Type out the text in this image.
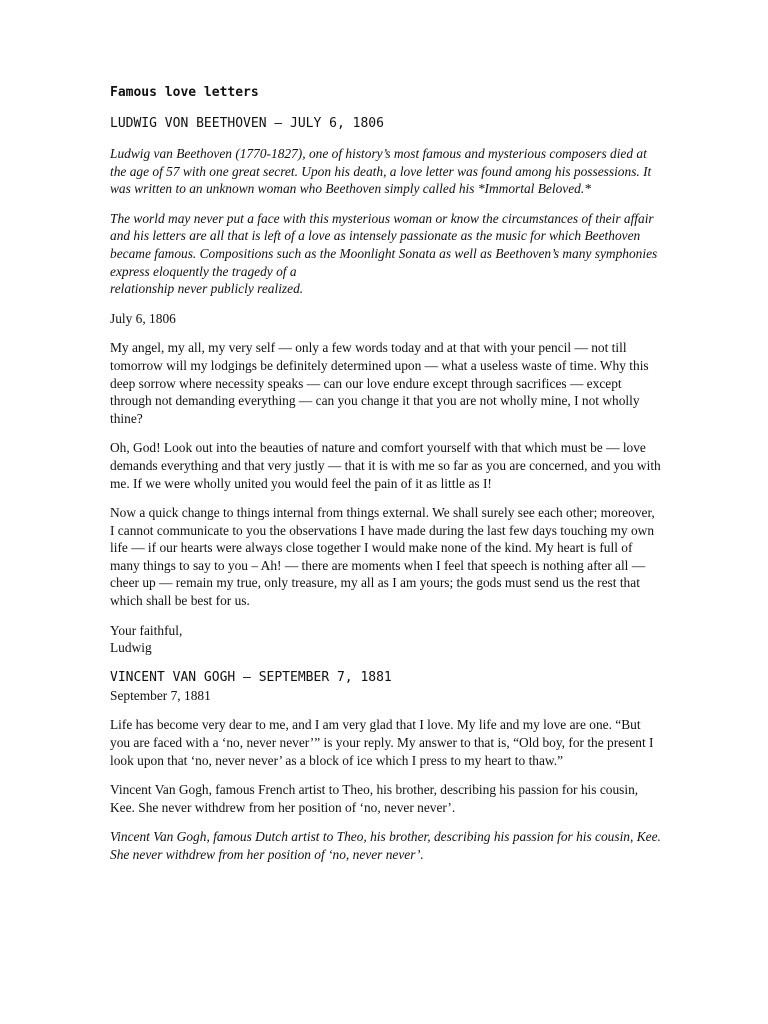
Famous love letters
LUDWIG VON BEETHOVEN – JULY 6, 1806

Ludwig van Beethoven (1770-1827), one of history’s most famous and mysterious composers died at the age of 57 with one great secret. Upon his death, a love letter was found among his possessions. It was written to an unknown woman who Beethoven simply called his *Immortal Beloved.*

The world may never put a face with this mysterious woman or know the circumstances of their affair and his letters are all that is left of a love as intensely passionate as the music for which Beethoven became famous. Compositions such as the Moonlight Sonata as well as Beethoven’s many symphonies express eloquently the tragedy of a
relationship never publicly realized.

July 6, 1806

My angel, my all, my very self — only a few words today and at that with your pencil — not till tomorrow will my lodgings be definitely determined upon — what a useless waste of time. Why this deep sorrow where necessity speaks — can our love endure except through sacrifices — except through not demanding everything — can you change it that you are not wholly mine, I not wholly thine?

Oh, God! Look out into the beauties of nature and comfort yourself with that which must be — love demands everything and that very justly — that it is with me so far as you are concerned, and you with
me. If we were wholly united you would feel the pain of it as little as I!

Now a quick change to things internal from things external. We shall surely see each other; moreover, I cannot communicate to you the observations I have made during the last few days touching my own life — if our hearts were always close together I would make none of the kind. My heart is full of many things to say to you – Ah! — there are moments when I feel that speech is nothing after all — cheer up — remain my true, only treasure, my all as I am yours; the gods must send us the rest that which shall be best for us.

Your faithful,
Ludwig

VINCENT VAN GOGH – SEPTEMBER 7, 1881

September 7, 1881

Life has become very dear to me, and I am very glad that I love. My life and my love are one. “But you are faced with a ‘no, never never’” is your reply. My answer to that is, “Old boy, for the present I look upon that ‘no, never never’ as a block of ice which I press to my heart to thaw.”

Vincent Van Gogh, famous French artist to Theo, his brother, describing his passion for his cousin, Kee. She never withdrew from her position of ‘no, never never’.

Vincent Van Gogh, famous Dutch artist to Theo, his brother, describing his passion for his cousin, Kee. She never withdrew from her position of ‘no, never never’.
